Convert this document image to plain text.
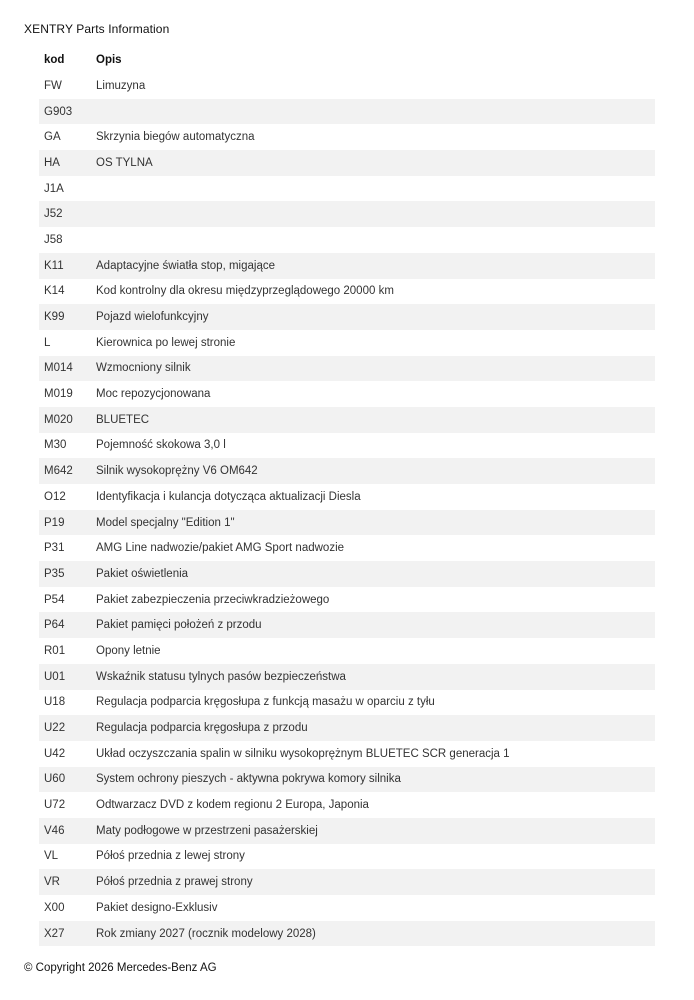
XENTRY Parts Information
kod	Opis
FW	Limuzyna
G903
GA	Skrzynia biegów automatyczna
HA	OŚ TYLNA
J1A
J52
J58
K11	Adaptacyjne światła stop, migające
K14	Kod kontrolny dla okresu międzyprzeglądowego 20000 km
K99	Pojazd wielofunkcyjny
L	Kierownica po lewej stronie
M014	Wzmocniony silnik
M019	Moc repozycjonowana
M020	BLUETEC
M30	Pojemność skokowa 3,0 l
M642	Silnik wysokoprężny V6 OM642
O12	Identyfikacja i kulancja dotycząca aktualizacji Diesla
P19	Model specjalny "Edition 1"
P31	AMG Line nadwozie/pakiet AMG Sport nadwozie
P35	Pakiet oświetlenia
P54	Pakiet zabezpieczenia przeciwkradzieżowego
P64	Pakiet pamięci położeń z przodu
R01	Opony letnie
U01	Wskaźnik statusu tylnych pasów bezpieczeństwa
U18	Regulacja podparcia kręgosłupa z funkcją masażu w oparciu z tyłu
U22	Regulacja podparcia kręgosłupa z przodu
U42	Układ oczyszczania spalin w silniku wysokoprężnym BLUETEC SCR generacja 1
U60	System ochrony pieszych - aktywna pokrywa komory silnika
U72	Odtwarzacz DVD z kodem regionu 2 Europa, Japonia
V46	Maty podłogowe w przestrzeni pasażerskiej
VL	Półoś przednia z lewej strony
VR	Półoś przednia z prawej strony
X00	Pakiet designo-Exklusiv
X27	Rok zmiany 2027 (rocznik modelowy 2028)
© Copyright 2026 Mercedes-Benz AG
